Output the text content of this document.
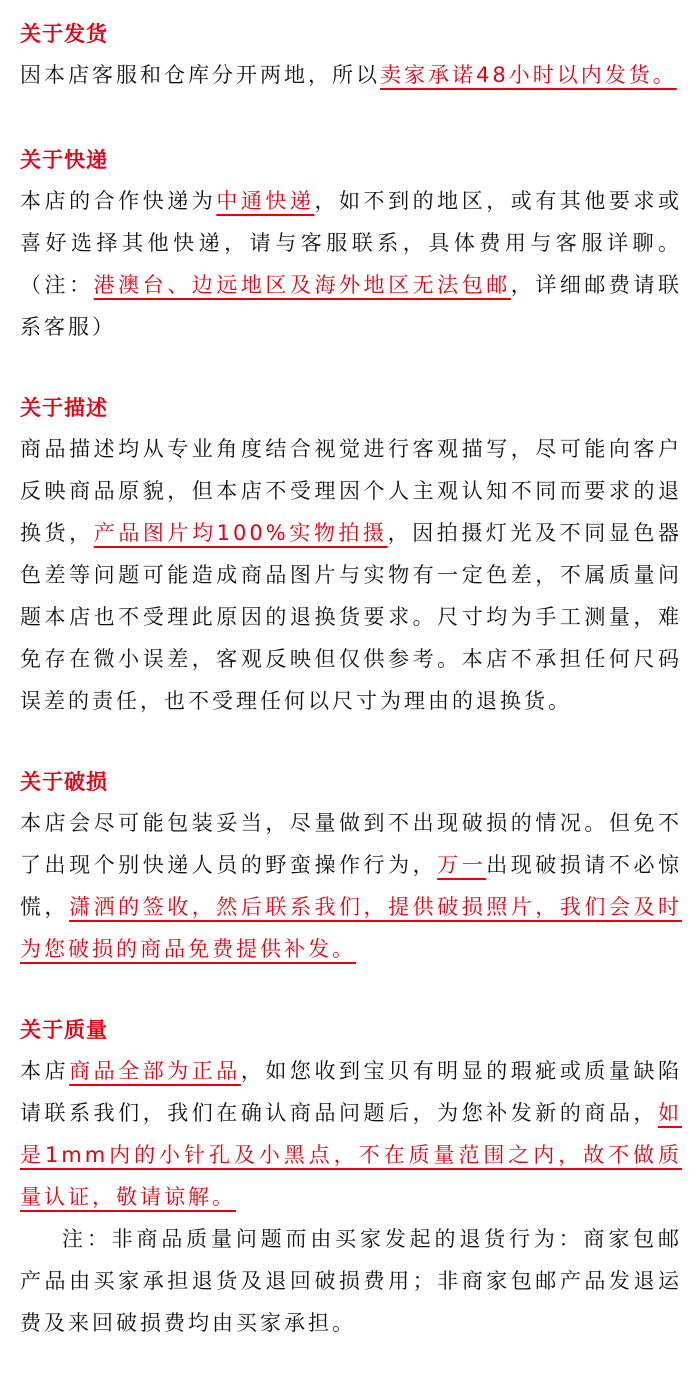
关于发货

因本店客服和仓库分开两地，所以卖家承诺48小时以内发货。

关于快递

本店的合作快递为中通快递，如不到的地区，或有其他要求或喜好选择其他快递，请与客服联系，具体费用与客服详聊。（注：港澳台、边远地区及海外地区无法包邮，详细邮费请联系客服）

关于描述

商品描述均从专业角度结合视觉进行客观描写，尽可能向客户反映商品原貌，但本店不受理因个人主观认知不同而要求的退换货，产品图片均100%实物拍摄，因拍摄灯光及不同显色器色差等问题可能造成商品图片与实物有一定色差，不属质量问题本店也不受理此原因的退换货要求。尺寸均为手工测量，难免存在微小误差，客观反映但仅供参考。本店不承担任何尺码误差的责任，也不受理任何以尺寸为理由的退换货。

关于破损

本店会尽可能包装妥当，尽量做到不出现破损的情况。但免不了出现个别快递人员的野蛮操作行为，万一出现破损请不必惊慌，潇洒的签收，然后联系我们，提供破损照片，我们会及时为您破损的商品免费提供补发。

关于质量

本店商品全部为正品，如您收到宝贝有明显的瑕疵或质量缺陷请联系我们，我们在确认商品问题后，为您补发新的商品，如是1mm内的小针孔及小黑点，不在质量范围之内，故不做质量认证，敬请谅解。

注：非商品质量问题而由买家发起的退货行为：商家包邮产品由买家承担退货及退回破损费用；非商家包邮产品发退运费及来回破损费均由买家承担。
